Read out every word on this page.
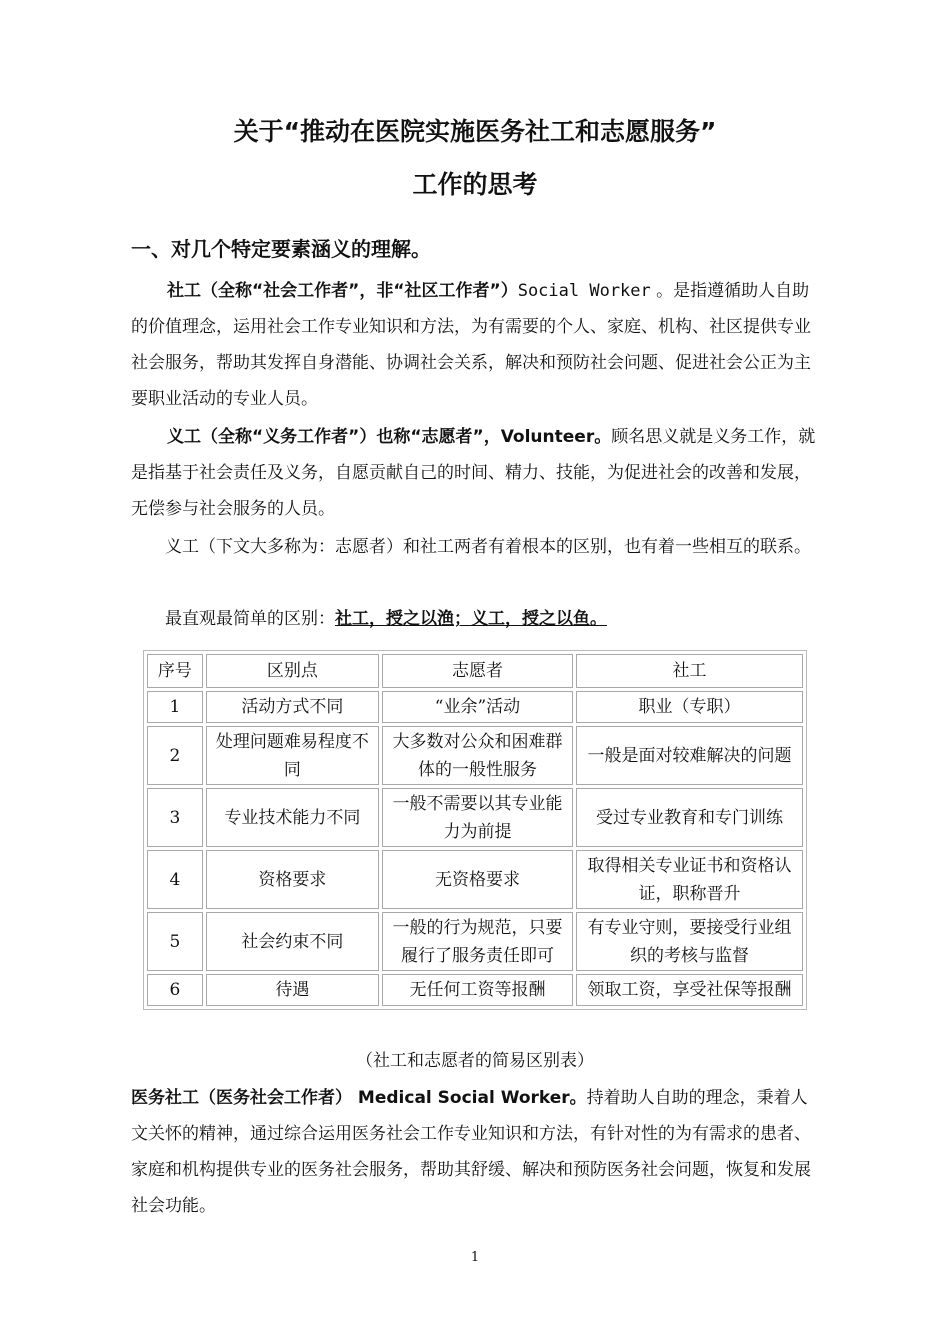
关于“推动在医院实施医务社工和志愿服务”
工作的思考
一、对几个特定要素涵义的理解。
社工（全称“社会工作者”，非“社区工作者”）Social Worker 。是指遵循助人自助的价值理念，运用社会工作专业知识和方法，为有需要的个人、家庭、机构、社区提供专业社会服务，帮助其发挥自身潜能、协调社会关系，解决和预防社会问题、促进社会公正为主要职业活动的专业人员。
义工（全称“义务工作者”）也称“志愿者”，Volunteer。顾名思义就是义务工作，就是指基于社会责任及义务，自愿贡献自己的时间、精力、技能，为促进社会的改善和发展，无偿参与社会服务的人员。
义工（下文大多称为：志愿者）和社工两者有着根本的区别，也有着一些相互的联系。
最直观最简单的区别：社工，授之以渔；义工，授之以鱼。
序号	区别点	志愿者	社工
1	活动方式不同	“业余”活动	职业（专职）
2	处理问题难易程度不同	大多数对公众和困难群体的一般性服务	一般是面对较难解决的问题
3	专业技术能力不同	一般不需要以其专业能力为前提	受过专业教育和专门训练
4	资格要求	无资格要求	取得相关专业证书和资格认证，职称晋升
5	社会约束不同	一般的行为规范，只要履行了服务责任即可	有专业守则，要接受行业组织的考核与监督
6	待遇	无任何工资等报酬	领取工资，享受社保等报酬
（社工和志愿者的简易区别表）
医务社工（医务社会工作者） Medical Social Worker。持着助人自助的理念，秉着人文关怀的精神，通过综合运用医务社会工作专业知识和方法，有针对性的为有需求的患者、家庭和机构提供专业的医务社会服务，帮助其舒缓、解决和预防医务社会问题，恢复和发展社会功能。
1
